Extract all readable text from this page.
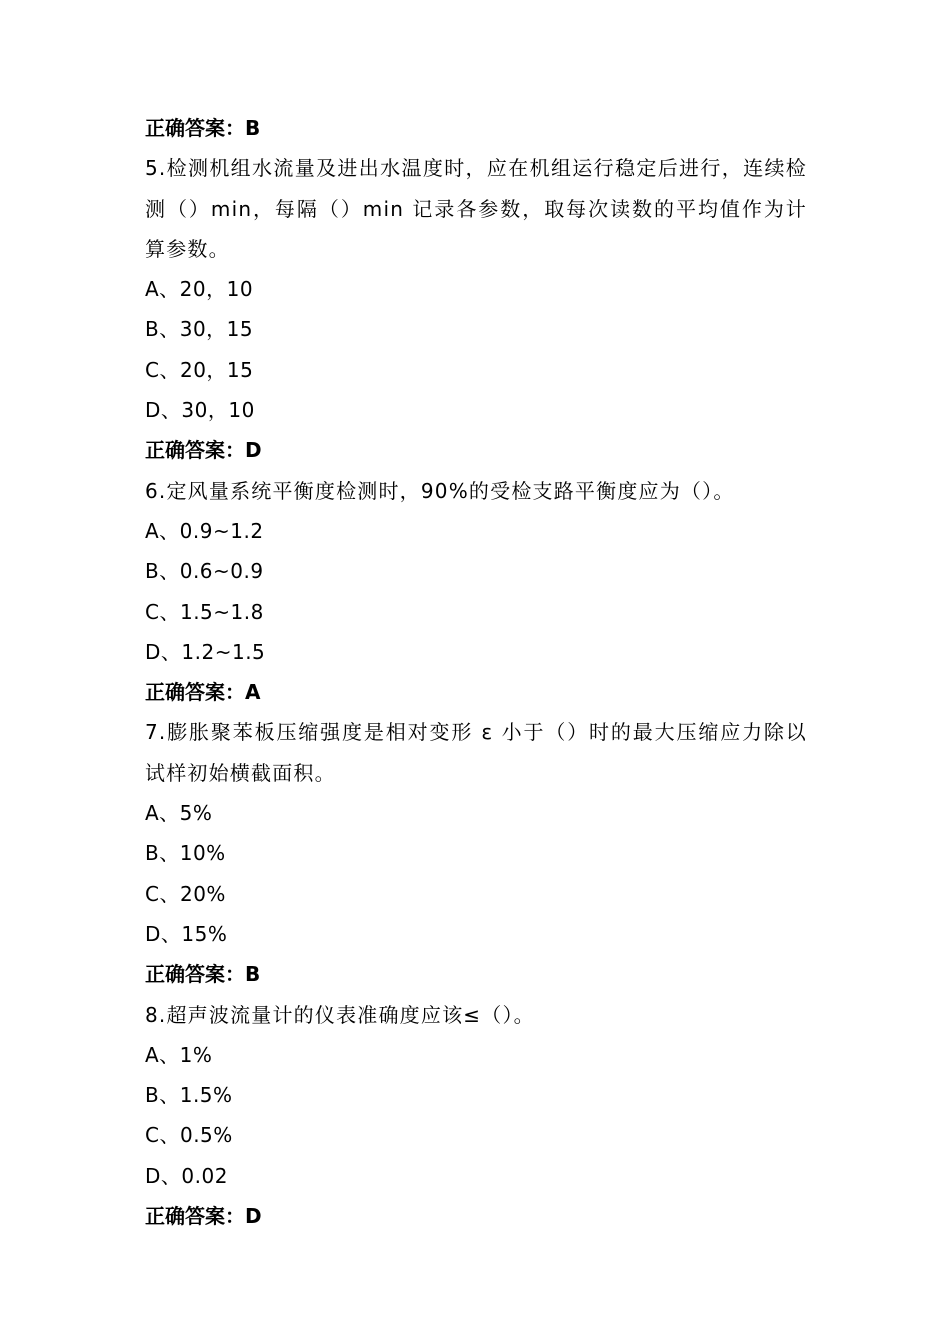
正确答案：B
5.检测机组水流量及进出水温度时，应在机组运行稳定后进行，连续检测（）min，每隔（）min 记录各参数，取每次读数的平均值作为计算参数。
A、20，10
B、30，15
C、20，15
D、30，10
正确答案：D
6.定风量系统平衡度检测时，90%的受检支路平衡度应为（）。
A、0.9~1.2
B、0.6~0.9
C、1.5~1.8
D、1.2~1.5
正确答案：A
7.膨胀聚苯板压缩强度是相对变形 ε 小于（）时的最大压缩应力除以试样初始横截面积。
A、5%
B、10%
C、20%
D、15%
正确答案：B
8.超声波流量计的仪表准确度应该≤（）。
A、1%
B、1.5%
C、0.5%
D、0.02
正确答案：D
